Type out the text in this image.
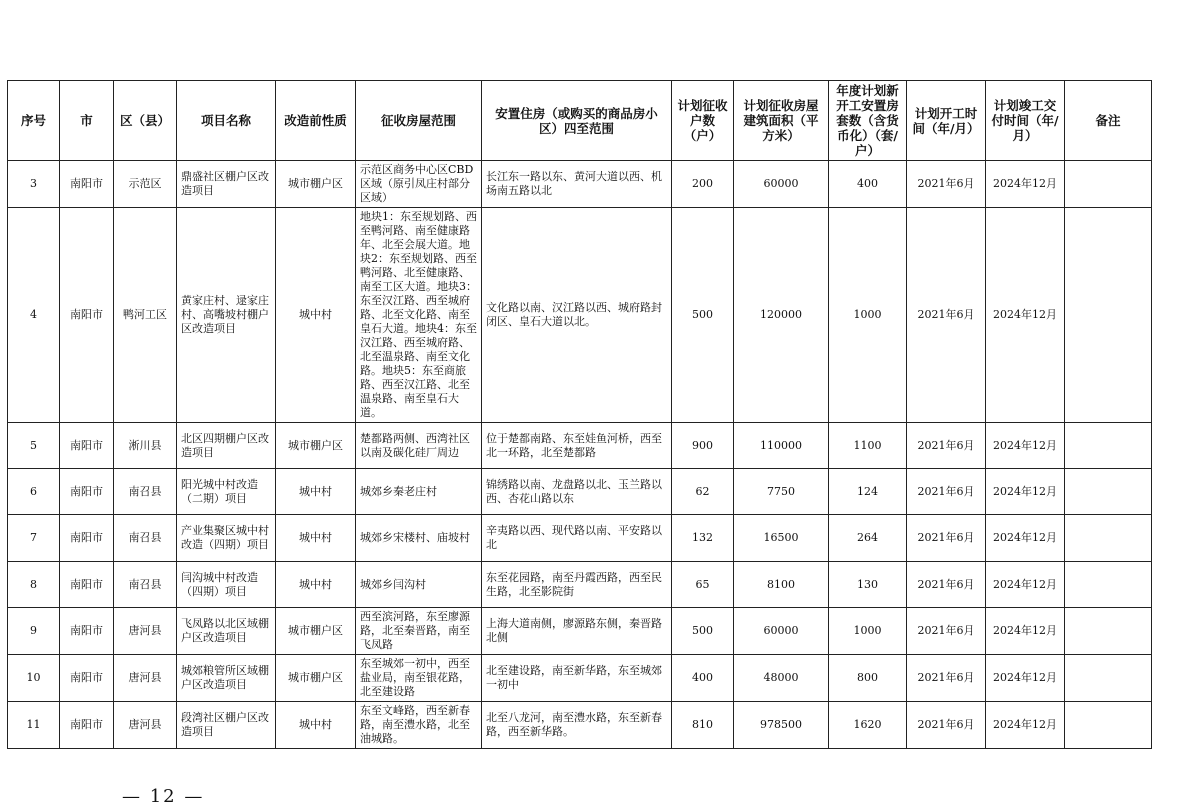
序号	市	区（县）	项目名称	改造前性质	征收房屋范围	安置住房（或购买的商品房小区）四至范围	计划征收户数（户）	计划征收房屋建筑面积（平方米）	年度计划新开工安置房套数（含货币化）（套/户）	计划开工时间（年/月）	计划竣工交付时间（年/月）	备注
3	南阳市	示范区	鼎盛社区棚户区改造项目	城市棚户区	示范区商务中心区CBD区域（原引凤庄村部分区域）	长江东一路以东、黄河大道以西、机场南五路以北	200	60000	400	2021年6月	2024年12月	
4	南阳市	鸭河工区	黄家庄村、逯家庄村、高嘴坡村棚户区改造项目	城中村	地块1：东至规划路、西至鸭河路、南至健康路年、北至会展大道。地块2：东至规划路、西至鸭河路、北至健康路、南至工区大道。地块3：东至汉江路、西至城府路、北至文化路、南至皇石大道。地块4：东至汉江路、西至城府路、北至温泉路、南至文化路。地块5：东至商旅路、西至汉江路、北至温泉路、南至皇石大道。	文化路以南、汉江路以西、城府路封闭区、皇石大道以北。	500	120000	1000	2021年6月	2024年12月	
5	南阳市	淅川县	北区四期棚户区改造项目	城市棚户区	楚都路两侧、西湾社区以南及碳化硅厂周边	位于楚都南路、东至娃鱼河桥，西至北一环路，北至楚都路	900	110000	1100	2021年6月	2024年12月	
6	南阳市	南召县	阳光城中村改造（二期）项目	城中村	城郊乡秦老庄村	锦绣路以南、龙盘路以北、玉兰路以西、杏花山路以东	62	7750	124	2021年6月	2024年12月	
7	南阳市	南召县	产业集聚区城中村改造（四期）项目	城中村	城郊乡宋楼村、庙坡村	辛夷路以西、现代路以南、平安路以北	132	16500	264	2021年6月	2024年12月	
8	南阳市	南召县	闫沟城中村改造（四期）项目	城中村	城郊乡闫沟村	东至花园路，南至丹霞西路，西至民生路，北至影院街	65	8100	130	2021年6月	2024年12月	
9	南阳市	唐河县	飞凤路以北区域棚户区改造项目	城市棚户区	西至滨河路，东至廖源路，北至秦晋路，南至飞凤路	上海大道南侧，廖源路东侧，秦晋路北侧	500	60000	1000	2021年6月	2024年12月	
10	南阳市	唐河县	城郊粮管所区域棚户区改造项目	城市棚户区	东至城郊一初中，西至盐业局，南至银花路，北至建设路	北至建设路，南至新华路，东至城郊一初中	400	48000	800	2021年6月	2024年12月	
11	南阳市	唐河县	段湾社区棚户区改造项目	城中村	东至文峰路，西至新春路，南至澧水路，北至油城路。	北至八龙河，南至澧水路，东至新春路，西至新华路。	810	978500	1620	2021年6月	2024年12月	
— 12 —
